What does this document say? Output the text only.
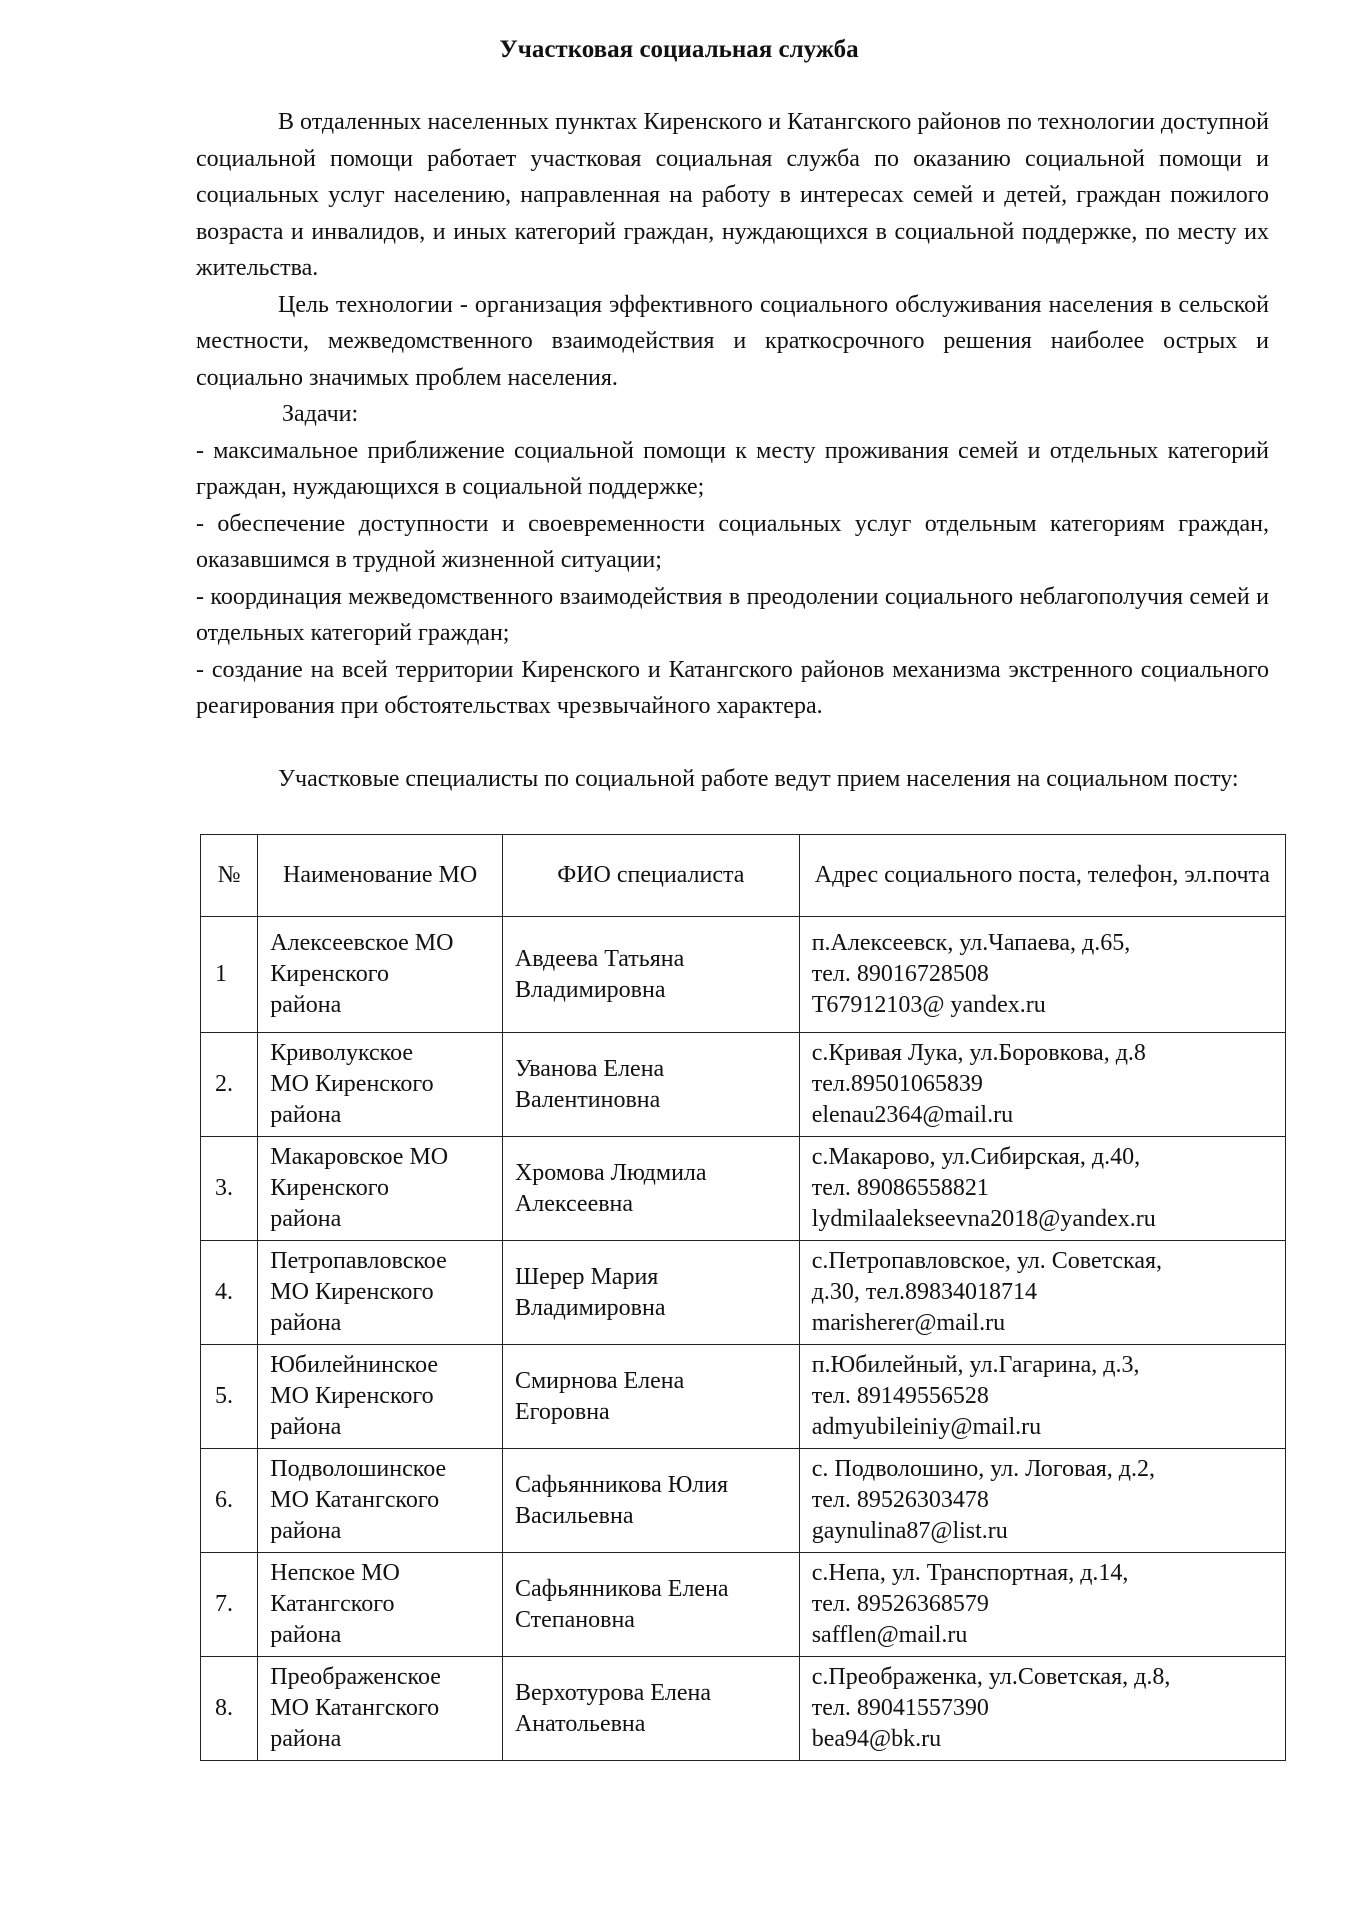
Участковая социальная служба

В отдаленных населенных пунктах Киренского и Катангского районов по технологии доступной социальной помощи работает участковая социальная служба по оказанию социальной помощи и социальных услуг населению, направленная на работу в интересах семей и детей, граждан пожилого возраста и инвалидов, и иных категорий граждан, нуждающихся в социальной поддержке, по месту их жительства.

Цель технологии - организация эффективного социального обслуживания населения в сельской местности, межведомственного взаимодействия и краткосрочного решения наиболее острых и социально значимых проблем населения.

Задачи:

- максимальное приближение социальной помощи к месту проживания семей и отдельных категорий граждан, нуждающихся в социальной поддержке;

- обеспечение доступности и своевременности социальных услуг отдельным категориям граждан, оказавшимся в трудной жизненной ситуации;

- координация межведомственного взаимодействия в преодолении социального неблагополучия семей и отдельных категорий граждан;

- создание на всей территории Киренского и Катангского районов механизма экстренного социального реагирования при обстоятельствах чрезвычайного характера.

Участковые специалисты по социальной работе ведут прием населения на социальном посту:

№	Наименование МО	ФИО специалиста	Адрес социального поста, телефон, эл.почта
1	Алексеевское МО
Киренского
района	Авдеева Татьяна
Владимировна	п.Алексеевск, ул.Чапаева, д.65,
тел. 89016728508
T67912103@ yandex.ru
2.	Криволукское
МО Киренского
района	Уванова Елена
Валентиновна	с.Кривая Лука, ул.Боровкова, д.8
тел.89501065839
elenau2364@mail.ru
3.	Макаровское МО
Киренского
района	Хромова Людмила
Алексеевна	с.Макарово, ул.Сибирская, д.40,
тел. 89086558821
lydmilaalekseevna2018@yandex.ru
4.	Петропавловское
МО Киренского
района	Шерер Мария
Владимировна	с.Петропавловское, ул. Советская,
д.30, тел.89834018714
marisherer@mail.ru
5.	Юбилейнинское
МО Киренского
района	Смирнова Елена
Егоровна	п.Юбилейный, ул.Гагарина, д.3,
тел. 89149556528
admyubileiniy@mail.ru
6.	Подволошинское
МО Катангского
района	Сафьянникова Юлия
Васильевна	с. Подволошино, ул. Логовая, д.2,
тел. 89526303478
gaynulina87@list.ru
7.	Непское МО
Катангского
района	Сафьянникова Елена
Степановна	с.Непа, ул. Транспортная, д.14,
тел. 89526368579
safflen@mail.ru
8.	Преображенское
МО Катангского
района	Верхотурова Елена
Анатольевна	с.Преображенка, ул.Советская, д.8,
тел. 89041557390
bea94@bk.ru
